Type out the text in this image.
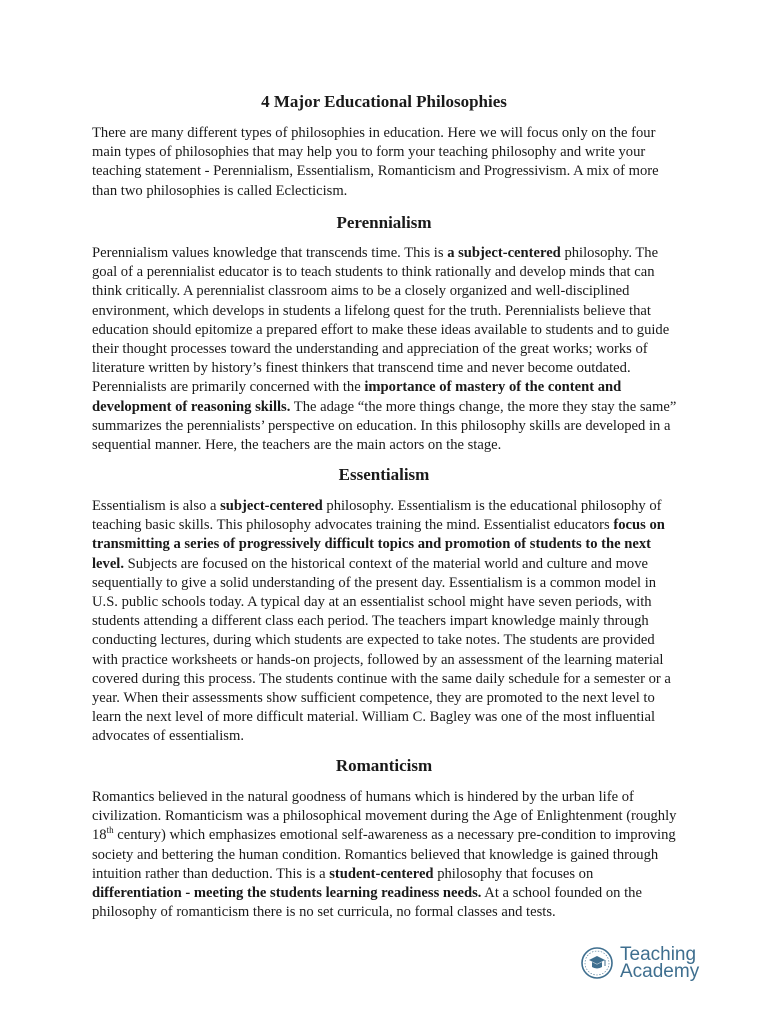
4 Major Educational Philosophies
There are many different types of philosophies in education. Here we will focus only on the four main types of philosophies that may help you to form your teaching philosophy and write your teaching statement - Perennialism, Essentialism, Romanticism and Progressivism. A mix of more than two philosophies is called Eclecticism.
Perennialism
Perennialism values knowledge that transcends time. This is a subject-centered philosophy. The goal of a perennialist educator is to teach students to think rationally and develop minds that can think critically. A perennialist classroom aims to be a closely organized and well-disciplined environment, which develops in students a lifelong quest for the truth. Perennialists believe that education should epitomize a prepared effort to make these ideas available to students and to guide their thought processes toward the understanding and appreciation of the great works; works of literature written by history’s finest thinkers that transcend time and never become outdated. Perennialists are primarily concerned with the importance of mastery of the content and development of reasoning skills. The adage “the more things change, the more they stay the same” summarizes the perennialists’ perspective on education. In this philosophy skills are developed in a sequential manner. Here, the teachers are the main actors on the stage.
Essentialism
Essentialism is also a subject-centered philosophy. Essentialism is the educational philosophy of teaching basic skills. This philosophy advocates training the mind. Essentialist educators focus on transmitting a series of progressively difficult topics and promotion of students to the next level. Subjects are focused on the historical context of the material world and culture and move sequentially to give a solid understanding of the present day. Essentialism is a common model in U.S. public schools today. A typical day at an essentialist school might have seven periods, with students attending a different class each period. The teachers impart knowledge mainly through conducting lectures, during which students are expected to take notes. The students are provided with practice worksheets or hands-on projects, followed by an assessment of the learning material covered during this process. The students continue with the same daily schedule for a semester or a year. When their assessments show sufficient competence, they are promoted to the next level to learn the next level of more difficult material. William C. Bagley was one of the most influential advocates of essentialism.
Romanticism
Romantics believed in the natural goodness of humans which is hindered by the urban life of civilization. Romanticism was a philosophical movement during the Age of Enlightenment (roughly 18th century) which emphasizes emotional self-awareness as a necessary pre-condition to improving society and bettering the human condition. Romantics believed that knowledge is gained through intuition rather than deduction. This is a student-centered philosophy that focuses on differentiation - meeting the students learning readiness needs. At a school founded on the philosophy of romanticism there is no set curricula, no formal classes and tests.
Teaching
Academy
